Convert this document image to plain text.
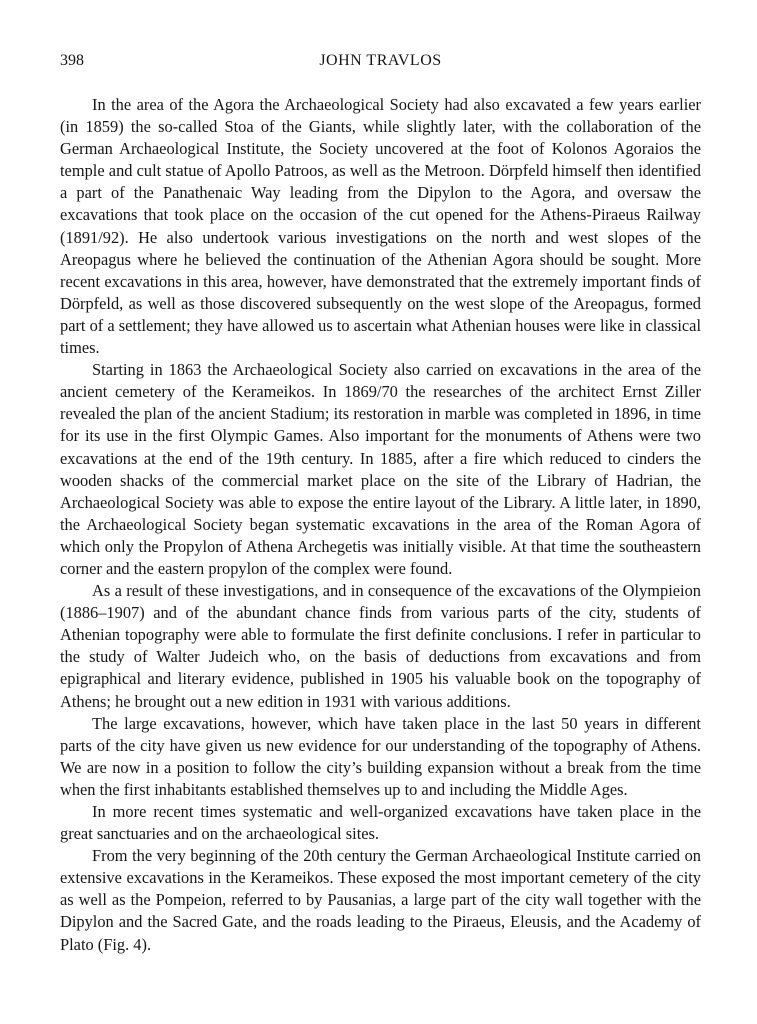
398	JOHN TRAVLOS

In the area of the Agora the Archaeological Society had also excavated a few years earlier (in 1859) the so-called Stoa of the Giants, while slightly later, with the collaboration of the German Archaeological Institute, the Society uncovered at the foot of Kolonos Agoraios the temple and cult statue of Apollo Patroos, as well as the Metroon. Dörpfeld himself then identified a part of the Panathenaic Way leading from the Dipylon to the Agora, and oversaw the excavations that took place on the occasion of the cut opened for the Athens-Piraeus Railway (1891/92). He also undertook various investigations on the north and west slopes of the Areopagus where he believed the continuation of the Athenian Agora should be sought. More recent excavations in this area, however, have demonstrated that the extremely important finds of Dörpfeld, as well as those discovered subsequently on the west slope of the Areopagus, formed part of a settlement; they have allowed us to ascertain what Athenian houses were like in classical times.

Starting in 1863 the Archaeological Society also carried on excavations in the area of the ancient cemetery of the Kerameikos. In 1869/70 the researches of the architect Ernst Ziller revealed the plan of the ancient Stadium; its restoration in marble was completed in 1896, in time for its use in the first Olympic Games. Also important for the monuments of Athens were two excavations at the end of the 19th century. In 1885, after a fire which reduced to cinders the wooden shacks of the commercial market place on the site of the Library of Hadrian, the Archaeological Society was able to expose the entire layout of the Library. A little later, in 1890, the Archaeological Society began systematic excavations in the area of the Roman Agora of which only the Propylon of Athena Archegetis was initially visible. At that time the southeastern corner and the eastern propylon of the complex were found.

As a result of these investigations, and in consequence of the excavations of the Olympieion (1886–1907) and of the abundant chance finds from various parts of the city, students of Athenian topography were able to formulate the first definite conclusions. I refer in particular to the study of Walter Judeich who, on the basis of deductions from excavations and from epigraphical and literary evidence, published in 1905 his valuable book on the topography of Athens; he brought out a new edition in 1931 with various additions.

The large excavations, however, which have taken place in the last 50 years in different parts of the city have given us new evidence for our understanding of the topography of Athens. We are now in a position to follow the city’s building expansion without a break from the time when the first inhabitants established themselves up to and including the Middle Ages.

In more recent times systematic and well-organized excavations have taken place in the great sanctuaries and on the archaeological sites.

From the very beginning of the 20th century the German Archaeological Institute carried on extensive excavations in the Kerameikos. These exposed the most important cemetery of the city as well as the Pompeion, referred to by Pausanias, a large part of the city wall together with the Dipylon and the Sacred Gate, and the roads leading to the Piraeus, Eleusis, and the Academy of Plato (Fig. 4).
